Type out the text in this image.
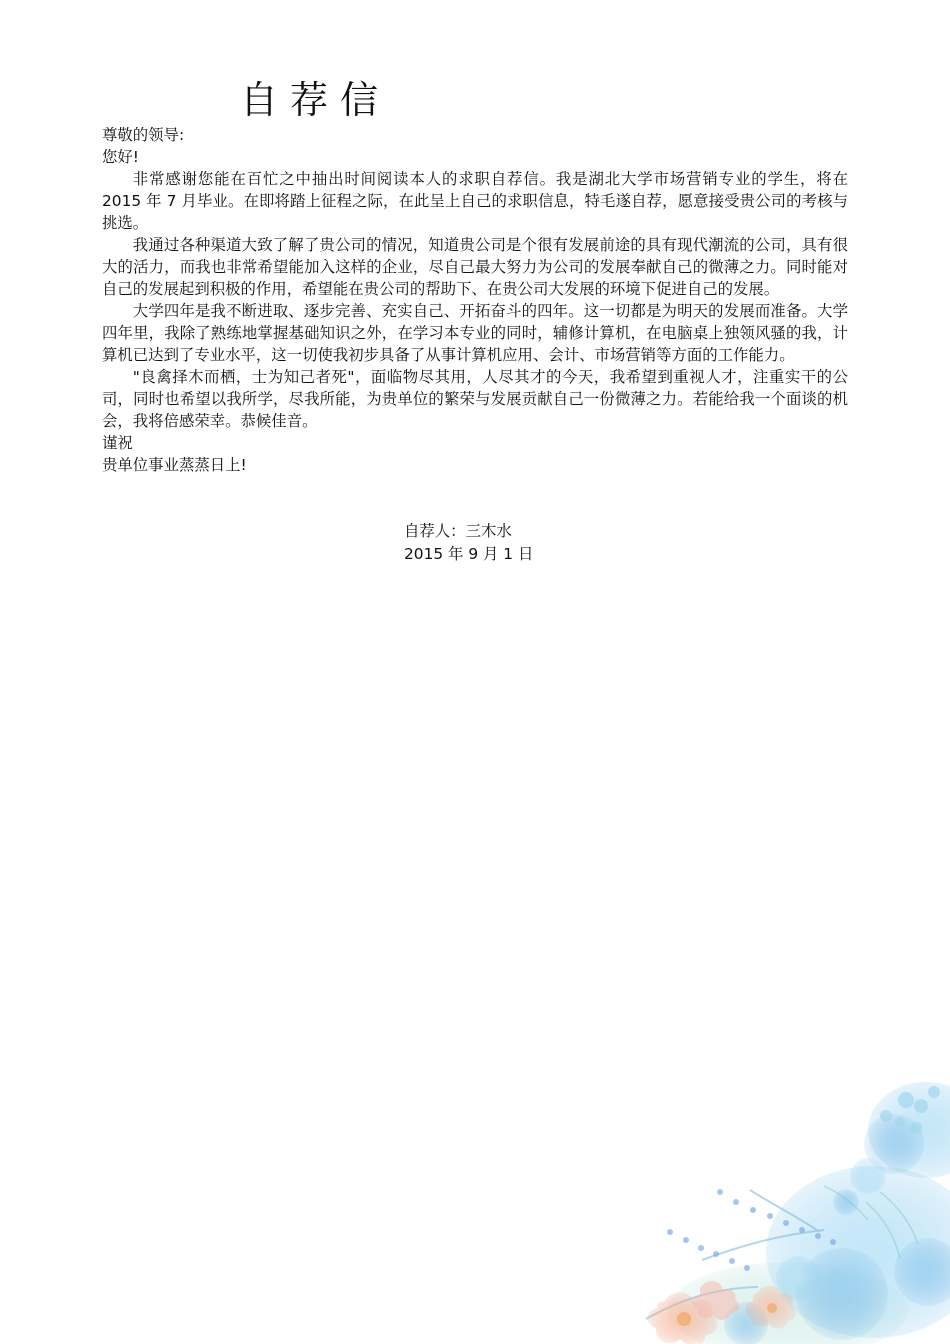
自荐信

尊敬的领导:

您好!

非常感谢您能在百忙之中抽出时间阅读本人的求职自荐信。我是湖北大学市场营销专业的学生，将在 2015 年 7 月毕业。在即将踏上征程之际，在此呈上自己的求职信息，特毛遂自荐，愿意接受贵公司的考核与挑选。

我通过各种渠道大致了解了贵公司的情况，知道贵公司是个很有发展前途的具有现代潮流的公司，具有很大的活力，而我也非常希望能加入这样的企业，尽自己最大努力为公司的发展奉献自己的微薄之力。同时能对自己的发展起到积极的作用，希望能在贵公司的帮助下、在贵公司大发展的环境下促进自己的发展。

大学四年是我不断进取、逐步完善、充实自己、开拓奋斗的四年。这一切都是为明天的发展而准备。大学四年里，我除了熟练地掌握基础知识之外，在学习本专业的同时，辅修计算机，在电脑桌上独领风骚的我，计算机已达到了专业水平，这一切使我初步具备了从事计算机应用、会计、市场营销等方面的工作能力。

"良禽择木而栖，士为知己者死"，面临物尽其用，人尽其才的今天，我希望到重视人才，注重实干的公司，同时也希望以我所学，尽我所能，为贵单位的繁荣与发展贡献自己一份微薄之力。若能给我一个面谈的机会，我将倍感荣幸。恭候佳音。

谨祝

贵单位事业蒸蒸日上!

自荐人：三木水
2015 年 9 月 1 日
